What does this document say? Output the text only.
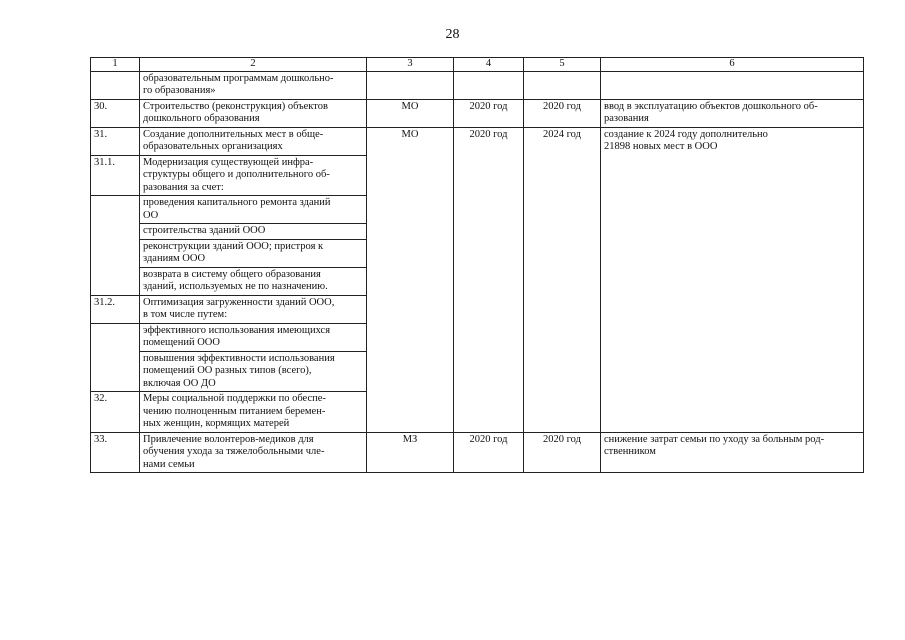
28
1	2	3	4	5	6	

	образовательным программам дошкольно-
го образования»					

30.	Строительство (реконструкция) объектов
дошкольного образования	МО	2020 год	2020 год	ввод в эксплуатацию объектов дошкольного об-
разования	

31.	Создание дополнительных мест в обще-
образовательных организациях	МО	2020 год	2024 год	создание к 2024 году дополнительно
21898 новых мест в ООО	

31.1.	Модернизация существующей инфра-
структуры общего и дополнительного об-
разования за счет:					

	проведения капитального ремонта зданий
ОО					

	строительства зданий ООО					

	реконструкции зданий ООО; пристроя к
зданиям ООО					

	возврата в систему общего образования
зданий, используемых не по назначению.					

31.2.	Оптимизация загруженности зданий ООО,
в том числе путем:					

	эффективного использования имеющихся
помещений ООО					

	повышения эффективности использования
помещений ОО разных типов (всего),
включая ОО ДО					

32.	Меры социальной поддержки по обеспе-
чению полноценным питанием беремен-
ных женщин, кормящих матерей

33.	Привлечение волонтеров-медиков для
обучения ухода за тяжелобольными чле-
нами семьи	МЗ	2020 год	2020 год	снижение затрат семьи по уходу за больным род-
ственником	
